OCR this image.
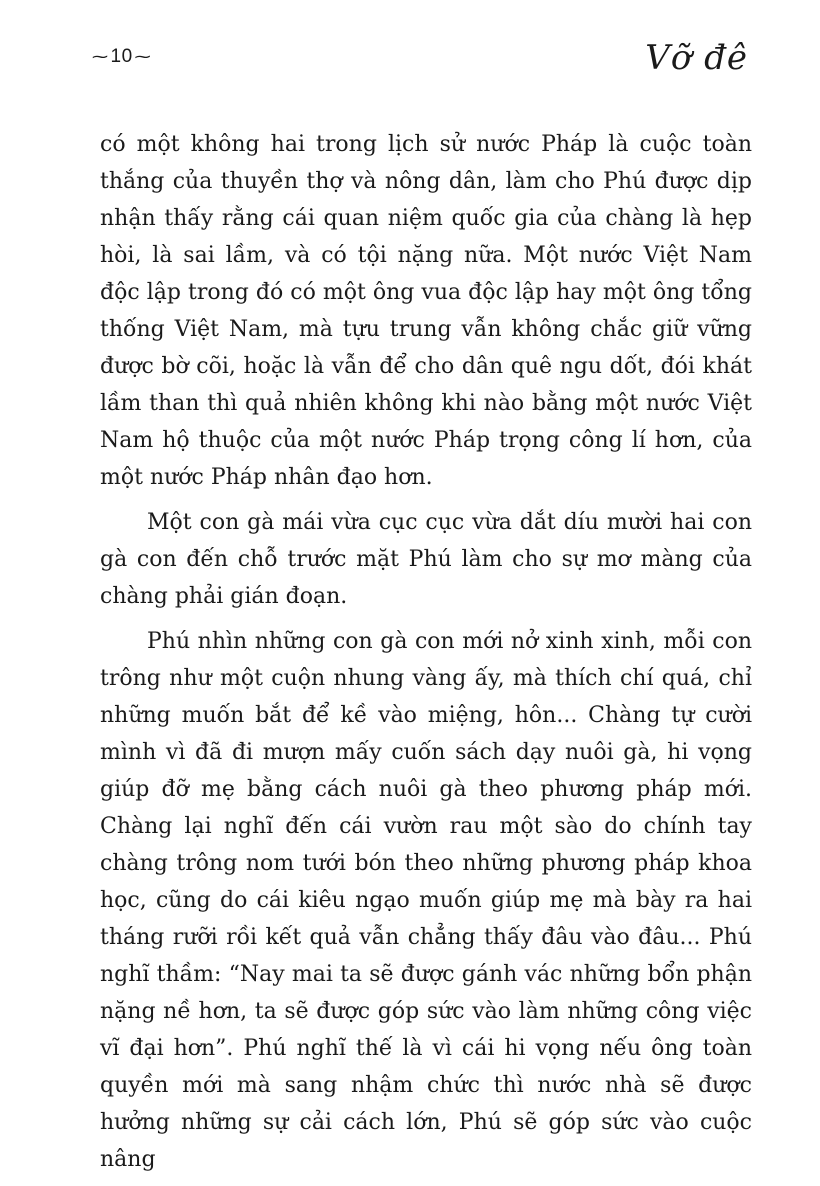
⁓ 10 ⁓	Vỡ đê

có một không hai trong lịch sử nước Pháp là cuộc toàn thắng của thuyền thợ và nông dân, làm cho Phú được dịp nhận thấy rằng cái quan niệm quốc gia của chàng là hẹp hòi, là sai lầm, và có tội nặng nữa. Một nước Việt Nam độc lập trong đó có một ông vua độc lập hay một ông tổng thống Việt Nam, mà tựu trung vẫn không chắc giữ vững được bờ cõi, hoặc là vẫn để cho dân quê ngu dốt, đói khát lầm than thì quả nhiên không khi nào bằng một nước Việt Nam hộ thuộc của một nước Pháp trọng công lí hơn, của một nước Pháp nhân đạo hơn.

Một con gà mái vừa cục cục vừa dắt díu mười hai con gà con đến chỗ trước mặt Phú làm cho sự mơ màng của chàng phải gián đoạn.

Phú nhìn những con gà con mới nở xinh xinh, mỗi con trông như một cuộn nhung vàng ấy, mà thích chí quá, chỉ những muốn bắt để kề vào miệng, hôn... Chàng tự cười mình vì đã đi mượn mấy cuốn sách dạy nuôi gà, hi vọng giúp đỡ mẹ bằng cách nuôi gà theo phương pháp mới. Chàng lại nghĩ đến cái vườn rau một sào do chính tay chàng trông nom tưới bón theo những phương pháp khoa học, cũng do cái kiêu ngạo muốn giúp mẹ mà bày ra hai tháng rưỡi rồi kết quả vẫn chẳng thấy đâu vào đâu... Phú nghĩ thầm: “Nay mai ta sẽ được gánh vác những bổn phận nặng nề hơn, ta sẽ được góp sức vào làm những công việc vĩ đại hơn”. Phú nghĩ thế là vì cái hi vọng nếu ông toàn quyền mới mà sang nhậm chức thì nước nhà sẽ được hưởng những sự cải cách lớn, Phú sẽ góp sức vào cuộc nâng
